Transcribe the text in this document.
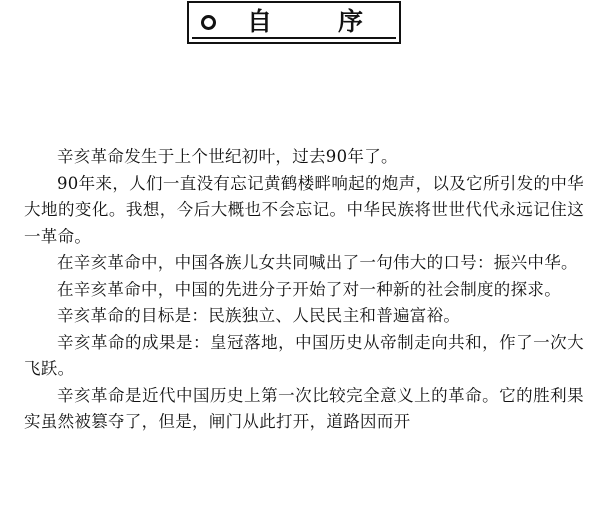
自	序

辛亥革命发生于上个世纪初叶，过去90年了。

90年来，人们一直没有忘记黄鹤楼畔响起的炮声，以及它所引发的中华大地的变化。我想，今后大概也不会忘记。中华民族将世世代代永远记住这一革命。

在辛亥革命中，中国各族儿女共同喊出了一句伟大的口号：振兴中华。

在辛亥革命中，中国的先进分子开始了对一种新的社会制度的探求。

辛亥革命的目标是：民族独立、人民民主和普遍富裕。

辛亥革命的成果是：皇冠落地，中国历史从帝制走向共和，作了一次大飞跃。

辛亥革命是近代中国历史上第一次比较完全意义上的革命。它的胜利果实虽然被篡夺了，但是，闸门从此打开，道路因而开
